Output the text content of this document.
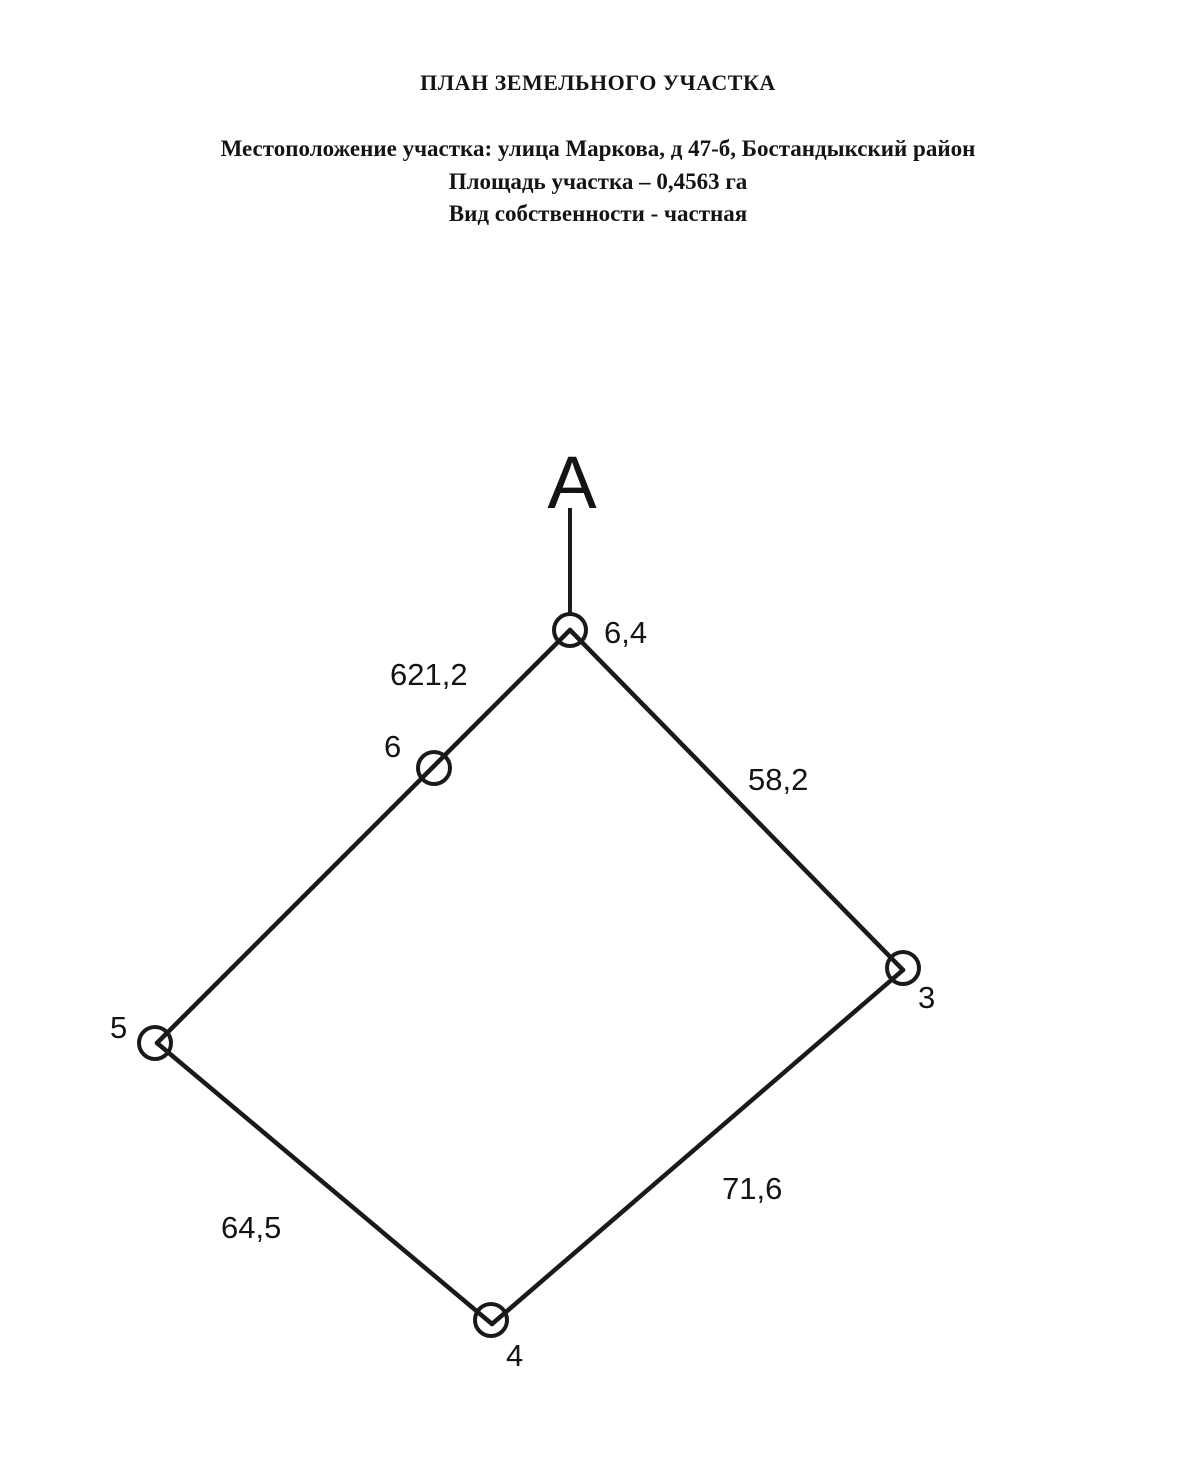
ПЛАН ЗЕМЕЛЬНОГО УЧАСТКА
Местоположение участка: улица Маркова, д 47-б, Бостандыкский район
Площадь участка – 0,4563 га
Вид собственности - частная
A
6,4
6
5
4
3
621,2
58,2
64,5
71,6
